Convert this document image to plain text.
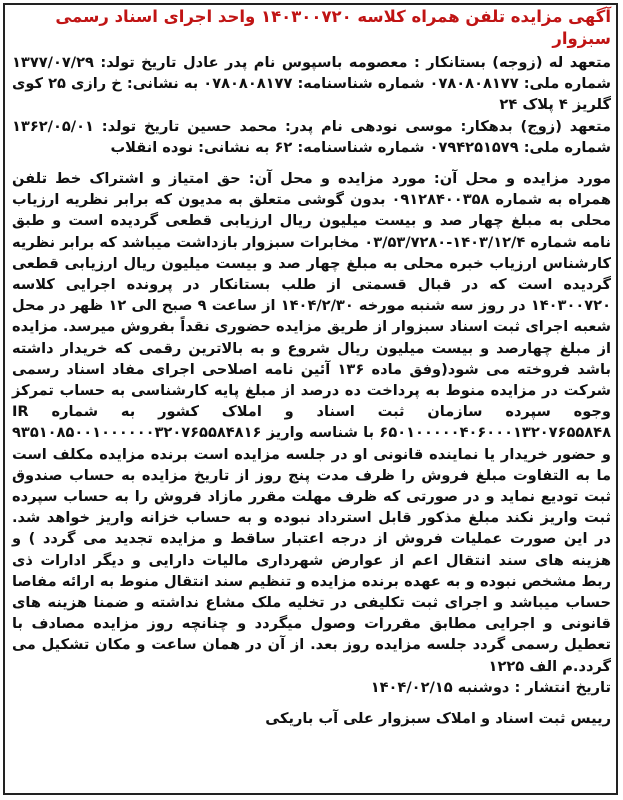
آگهی مزایده تلفن همراه کلاسه ۱۴۰۳۰۰۷۲۰ واحد اجرای اسناد رسمی سبزوار

متعهد له (زوجه) بستانکار : معصومه باسپوس نام پدر عادل تاریخ تولد: ۱۳۷۷/۰۷/۲۹ شماره ملی: ۰۷۸۰۸۰۸۱۷۷ شماره شناسنامه: ۰۷۸۰۸۰۸۱۷۷ به نشانی: خ رازی ۲۵ کوی گلریز ۴ پلاک ۲۴

متعهد (زوج) بدهکار: موسی نودهی نام پدر: محمد حسین تاریخ تولد: ۱۳۶۲/۰۵/۰۱ شماره ملی: ۰۷۹۴۲۵۱۵۷۹ شماره شناسنامه: ۶۲ به نشانی: نوده انقلاب

مورد مزایده و محل آن: مورد مزایده و محل آن: حق امتیاز و اشتراک خط تلفن همراه به شماره ۰۹۱۲۸۴۰۰۳۵۸ بدون گوشی متعلق به مدیون که برابر نظریه ارزیاب محلی به مبلغ چهار صد و بیست میلیون ریال ارزیابی قطعی گردیده است و طبق نامه شماره ۱۴۰۳/۱۲/۴-۰۳/۵۳/۷۲۸۰ مخابرات سبزوار بازداشت میباشد که برابر نظریه کارشناس ارزیاب خبره محلی به مبلغ چهار صد و بیست میلیون ریال ارزیابی قطعی گردیده است که در قبال قسمتی از طلب بستانکار در پرونده اجرایی کلاسه ۱۴۰۳۰۰۷۲۰ در روز سه شنبه مورخه ۱۴۰۴/۲/۳۰ از ساعت ۹ صبح الی ۱۲ ظهر در محل شعبه اجرای ثبت اسناد سبزوار از طریق مزایده حضوری نقداً بفروش میرسد. مزایده از مبلغ چهارصد و بیست میلیون ریال شروع و به بالاترین رقمی که خریدار داشته باشد فروخته می شود(وفق ماده ۱۳۶ آئین نامه اصلاحی اجرای مفاد اسناد رسمی شرکت در مزایده منوط به پرداخت ده درصد از مبلغ پایه کارشناسی به حساب تمرکز وجوه سپرده سازمان ثبت اسناد و املاک کشور به شماره IR ۶۵۰۱۰۰۰۰۰۴۰۶۰۰۰۱۳۲۰۷۶۵۵۸۴۸ با شناسه واریز ۹۳۵۱۰۸۵۰۰۱۰۰۰۰۰۰۳۲۰۷۶۵۵۸۴۸۱۶ و حضور خریدار یا نماینده قانونی او در جلسه مزایده است برنده مزایده مکلف است ما به التفاوت مبلغ فروش را ظرف مدت پنج روز از تاریخ مزایده به حساب صندوق ثبت تودیع نماید و در صورتی که ظرف مهلت مقرر مازاد فروش را به حساب سپرده ثبت واریز نکند مبلغ مذکور قابل استرداد نبوده و به حساب خزانه واریز خواهد شد. در این صورت عملیات فروش از درجه اعتبار ساقط و مزایده تجدید می گردد ) و هزینه های سند انتقال اعم از عوارض شهرداری مالیات دارایی و دیگر ادارات ذی ربط مشخص نبوده و به عهده برنده مزایده و تنظیم سند انتقال منوط به ارائه مفاصا حساب میباشد و اجرای ثبت تکلیفی در تخلیه ملک مشاع نداشته و ضمنا هزینه های قانونی و اجرایی مطابق مقررات وصول میگردد و چنانچه روز مزایده مصادف با تعطیل رسمی گردد جلسه مزایده روز بعد. از آن در همان ساعت و مکان تشکیل می گردد.م الف ۱۲۲۵

تاریخ انتشار : دوشنبه ۱۴۰۴/۰۲/۱۵

رییس ثبت اسناد و املاک سبزوار علی آب باریکی
